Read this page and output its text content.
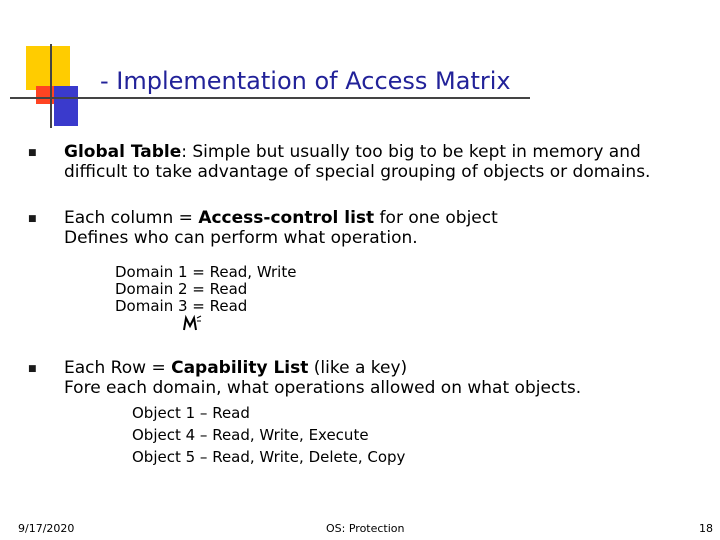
- Implementation of Access Matrix
■ Global Table: Simple but usually too big to be kept in memory and
difficult to take advantage of special grouping of objects or domains.
■ Each column = Access-control list for one object
Defines who can perform what operation.
Domain 1 = Read, Write
Domain 2 = Read
Domain 3 = Read
■ Each Row = Capability List (like a key)
Fore each domain, what operations allowed on what objects.
Object 1 – Read
Object 4 – Read, Write, Execute
Object 5 – Read, Write, Delete, Copy
9/17/2020	OS: Protection	18
